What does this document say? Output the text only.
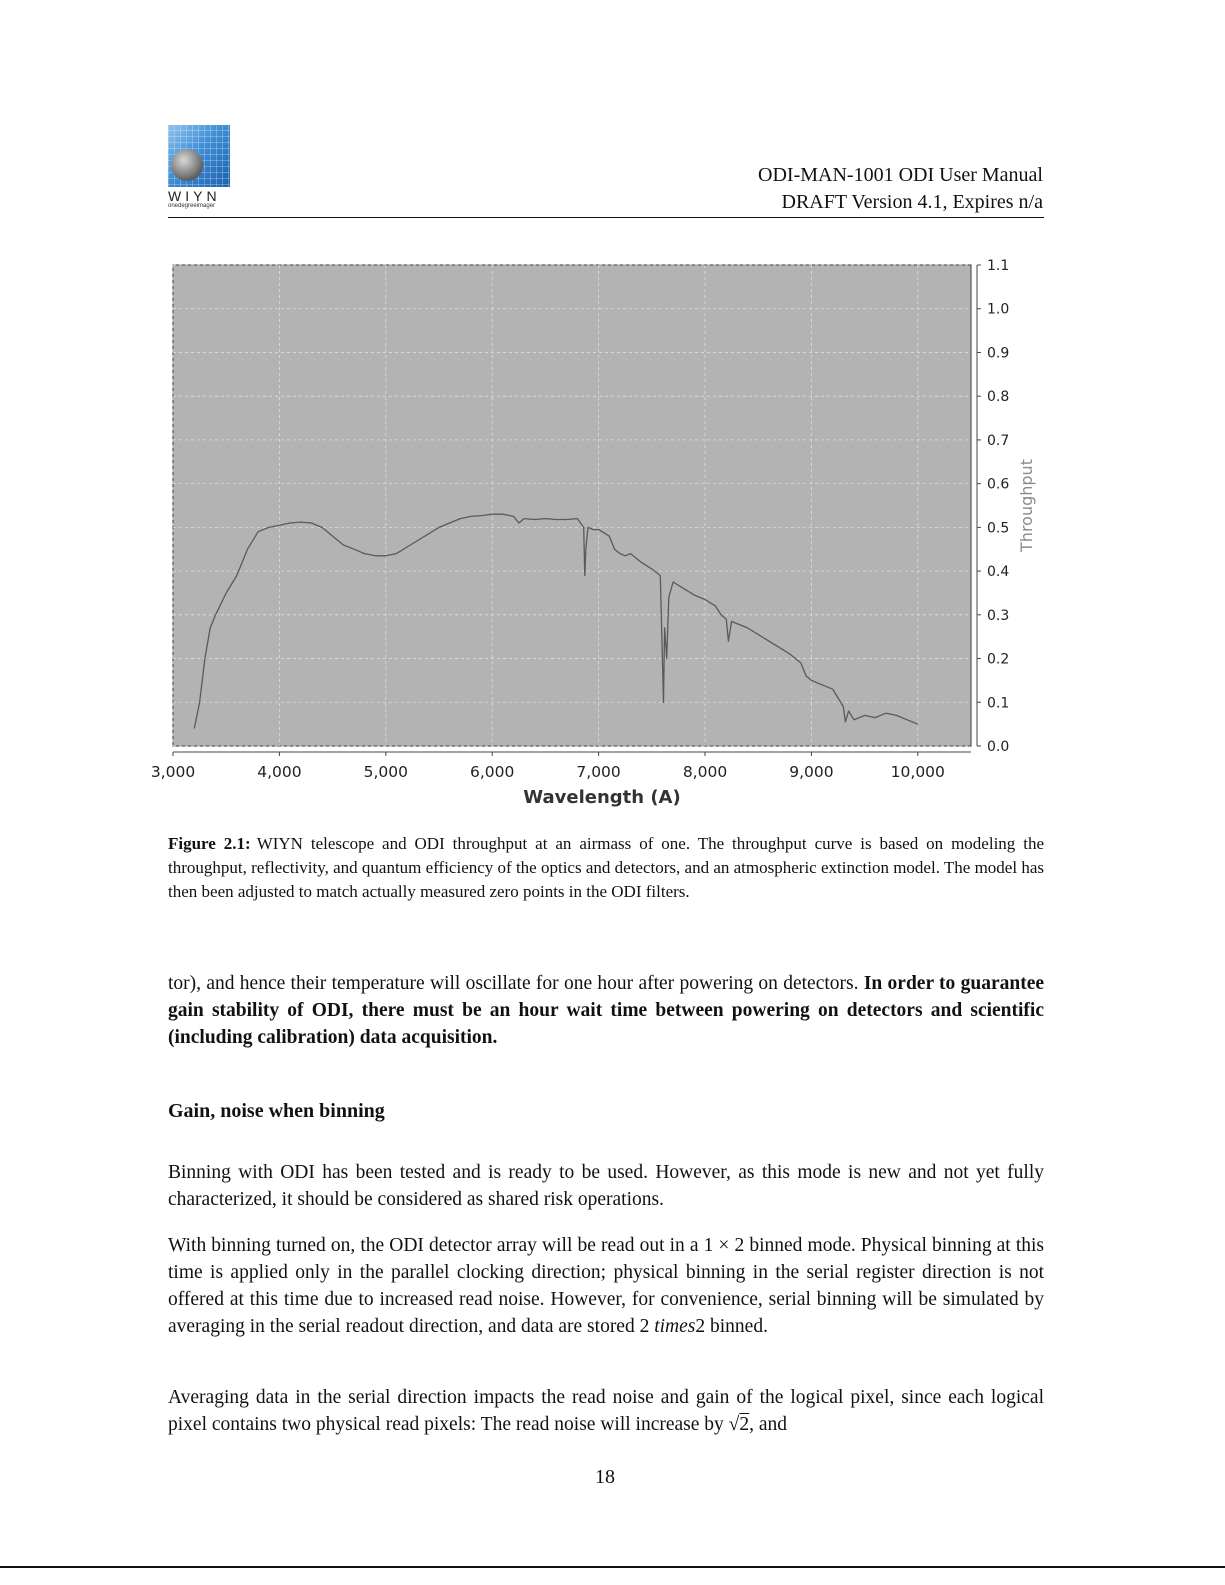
WIYN
onedegreeimager
ODI-MAN-1001 ODI User Manual
DRAFT Version 4.1, Expires n/a
3,000	4,000	5,000	6,000	7,000	8,000	9,000	10,000
Wavelength (A)
0.0
0.1
0.2
0.3
0.4
0.5
0.6
0.7
0.8
0.9
1.0
1.1
Throughput
Figure 2.1: WIYN telescope and ODI throughput at an airmass of one. The throughput curve is based on modeling the throughput, reflectivity, and quantum efficiency of the optics and detectors, and an atmospheric extinction model. The model has then been adjusted to match actually measured zero points in the ODI filters.
tor), and hence their temperature will oscillate for one hour after powering on detectors. In order to guarantee gain stability of ODI, there must be an hour wait time between powering on detectors and scientific (including calibration) data acquisition.
Gain, noise when binning
Binning with ODI has been tested and is ready to be used. However, as this mode is new and not yet fully characterized, it should be considered as shared risk operations.
With binning turned on, the ODI detector array will be read out in a 1 × 2 binned mode. Physical binning at this time is applied only in the parallel clocking direction; physical binning in the serial register direction is not offered at this time due to increased read noise. However, for convenience, serial binning will be simulated by averaging in the serial readout direction, and data are stored 2 times2 binned.
Averaging data in the serial direction impacts the read noise and gain of the logical pixel, since each logical pixel contains two physical read pixels: The read noise will increase by √2, and
18
